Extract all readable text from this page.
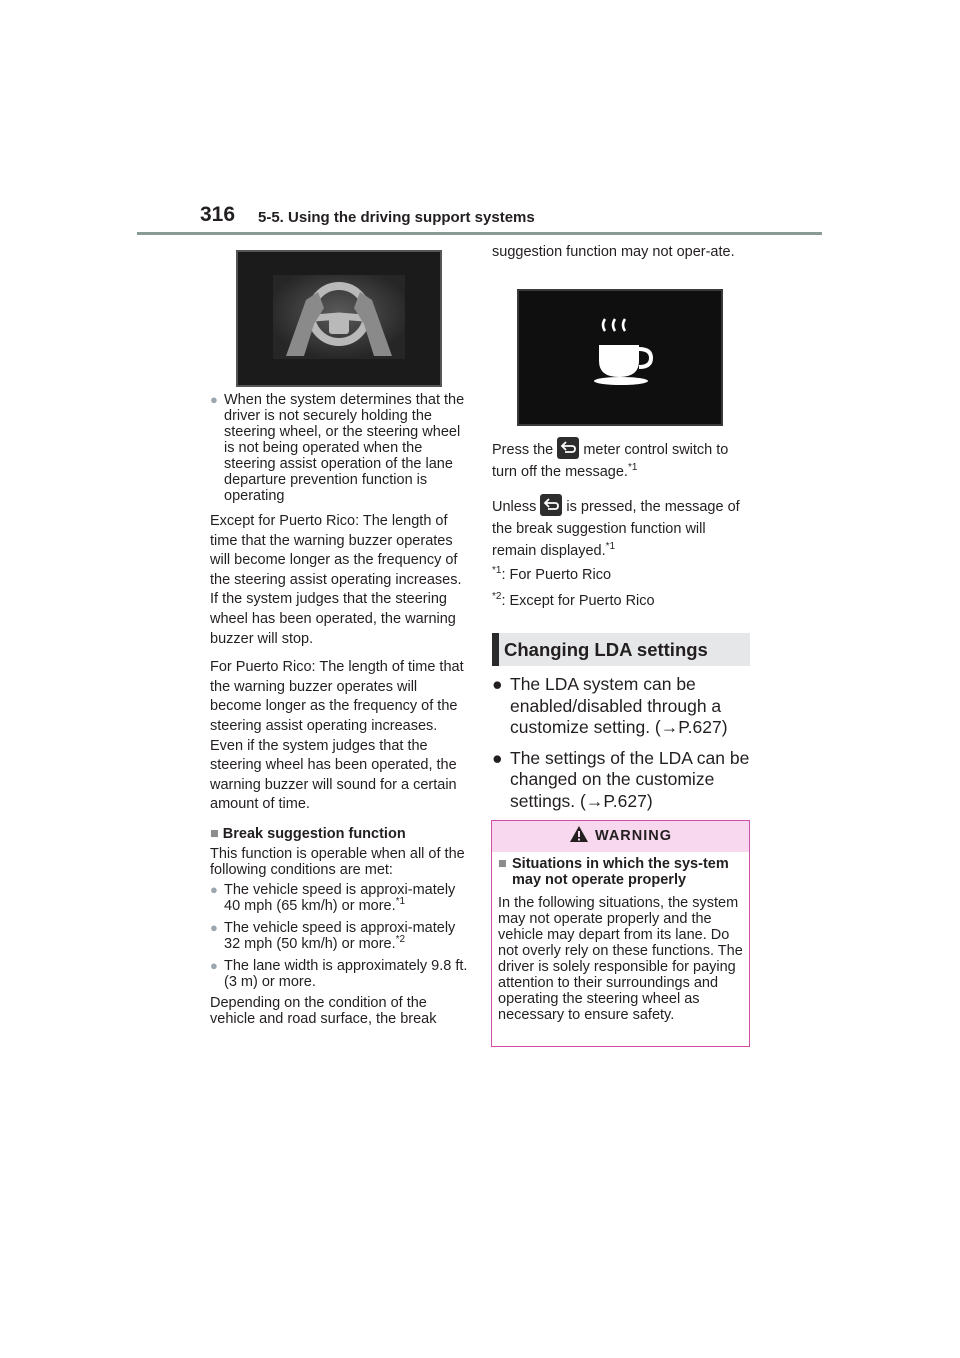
316 5-5. Using the driving support systems
● When the system determines that the driver is not securely holding the steering wheel, or the steering wheel is not being operated when the steering assist operation of the lane departure prevention function is operating

Except for Puerto Rico: The length of time that the warning buzzer operates will become longer as the frequency of the steering assist operating increases. If the system judges that the steering wheel has been operated, the warning buzzer will stop.

For Puerto Rico: The length of time that the warning buzzer operates will become longer as the frequency of the steering assist operating increases. Even if the system judges that the steering wheel has been operated, the warning buzzer will sound for a certain amount of time.

■ Break suggestion function

This function is operable when all of the following conditions are met:

● The vehicle speed is approxi-mately 40 mph (65 km/h) or more.$^{*1}$
● The vehicle speed is approxi-mately 32 mph (50 km/h) or more.$^{*2}$
● The lane width is approximately 9.8 ft. (3 m) or more.

Depending on the condition of the vehicle and road surface, the break

suggestion function may not oper-ate.

Press the meter control switch to turn off the message.$^{*1}$

Unless is pressed, the message of the break suggestion function will remain displayed.$^{*1}$

$^{*1}$: For Puerto Rico

$^{*2}$: Except for Puerto Rico

Changing LDA settings
● The LDA system can be enabled/disabled through a customize setting. (→P.627)
● The settings of the LDA can be changed on the customize settings. (→P.627)
WARNING
■ Situations in which the sys-tem may not operate properly

In the following situations, the system may not operate properly and the vehicle may depart from its lane. Do not overly rely on these functions. The driver is solely responsible for paying attention to their surroundings and operating the steering wheel as necessary to ensure safety.
